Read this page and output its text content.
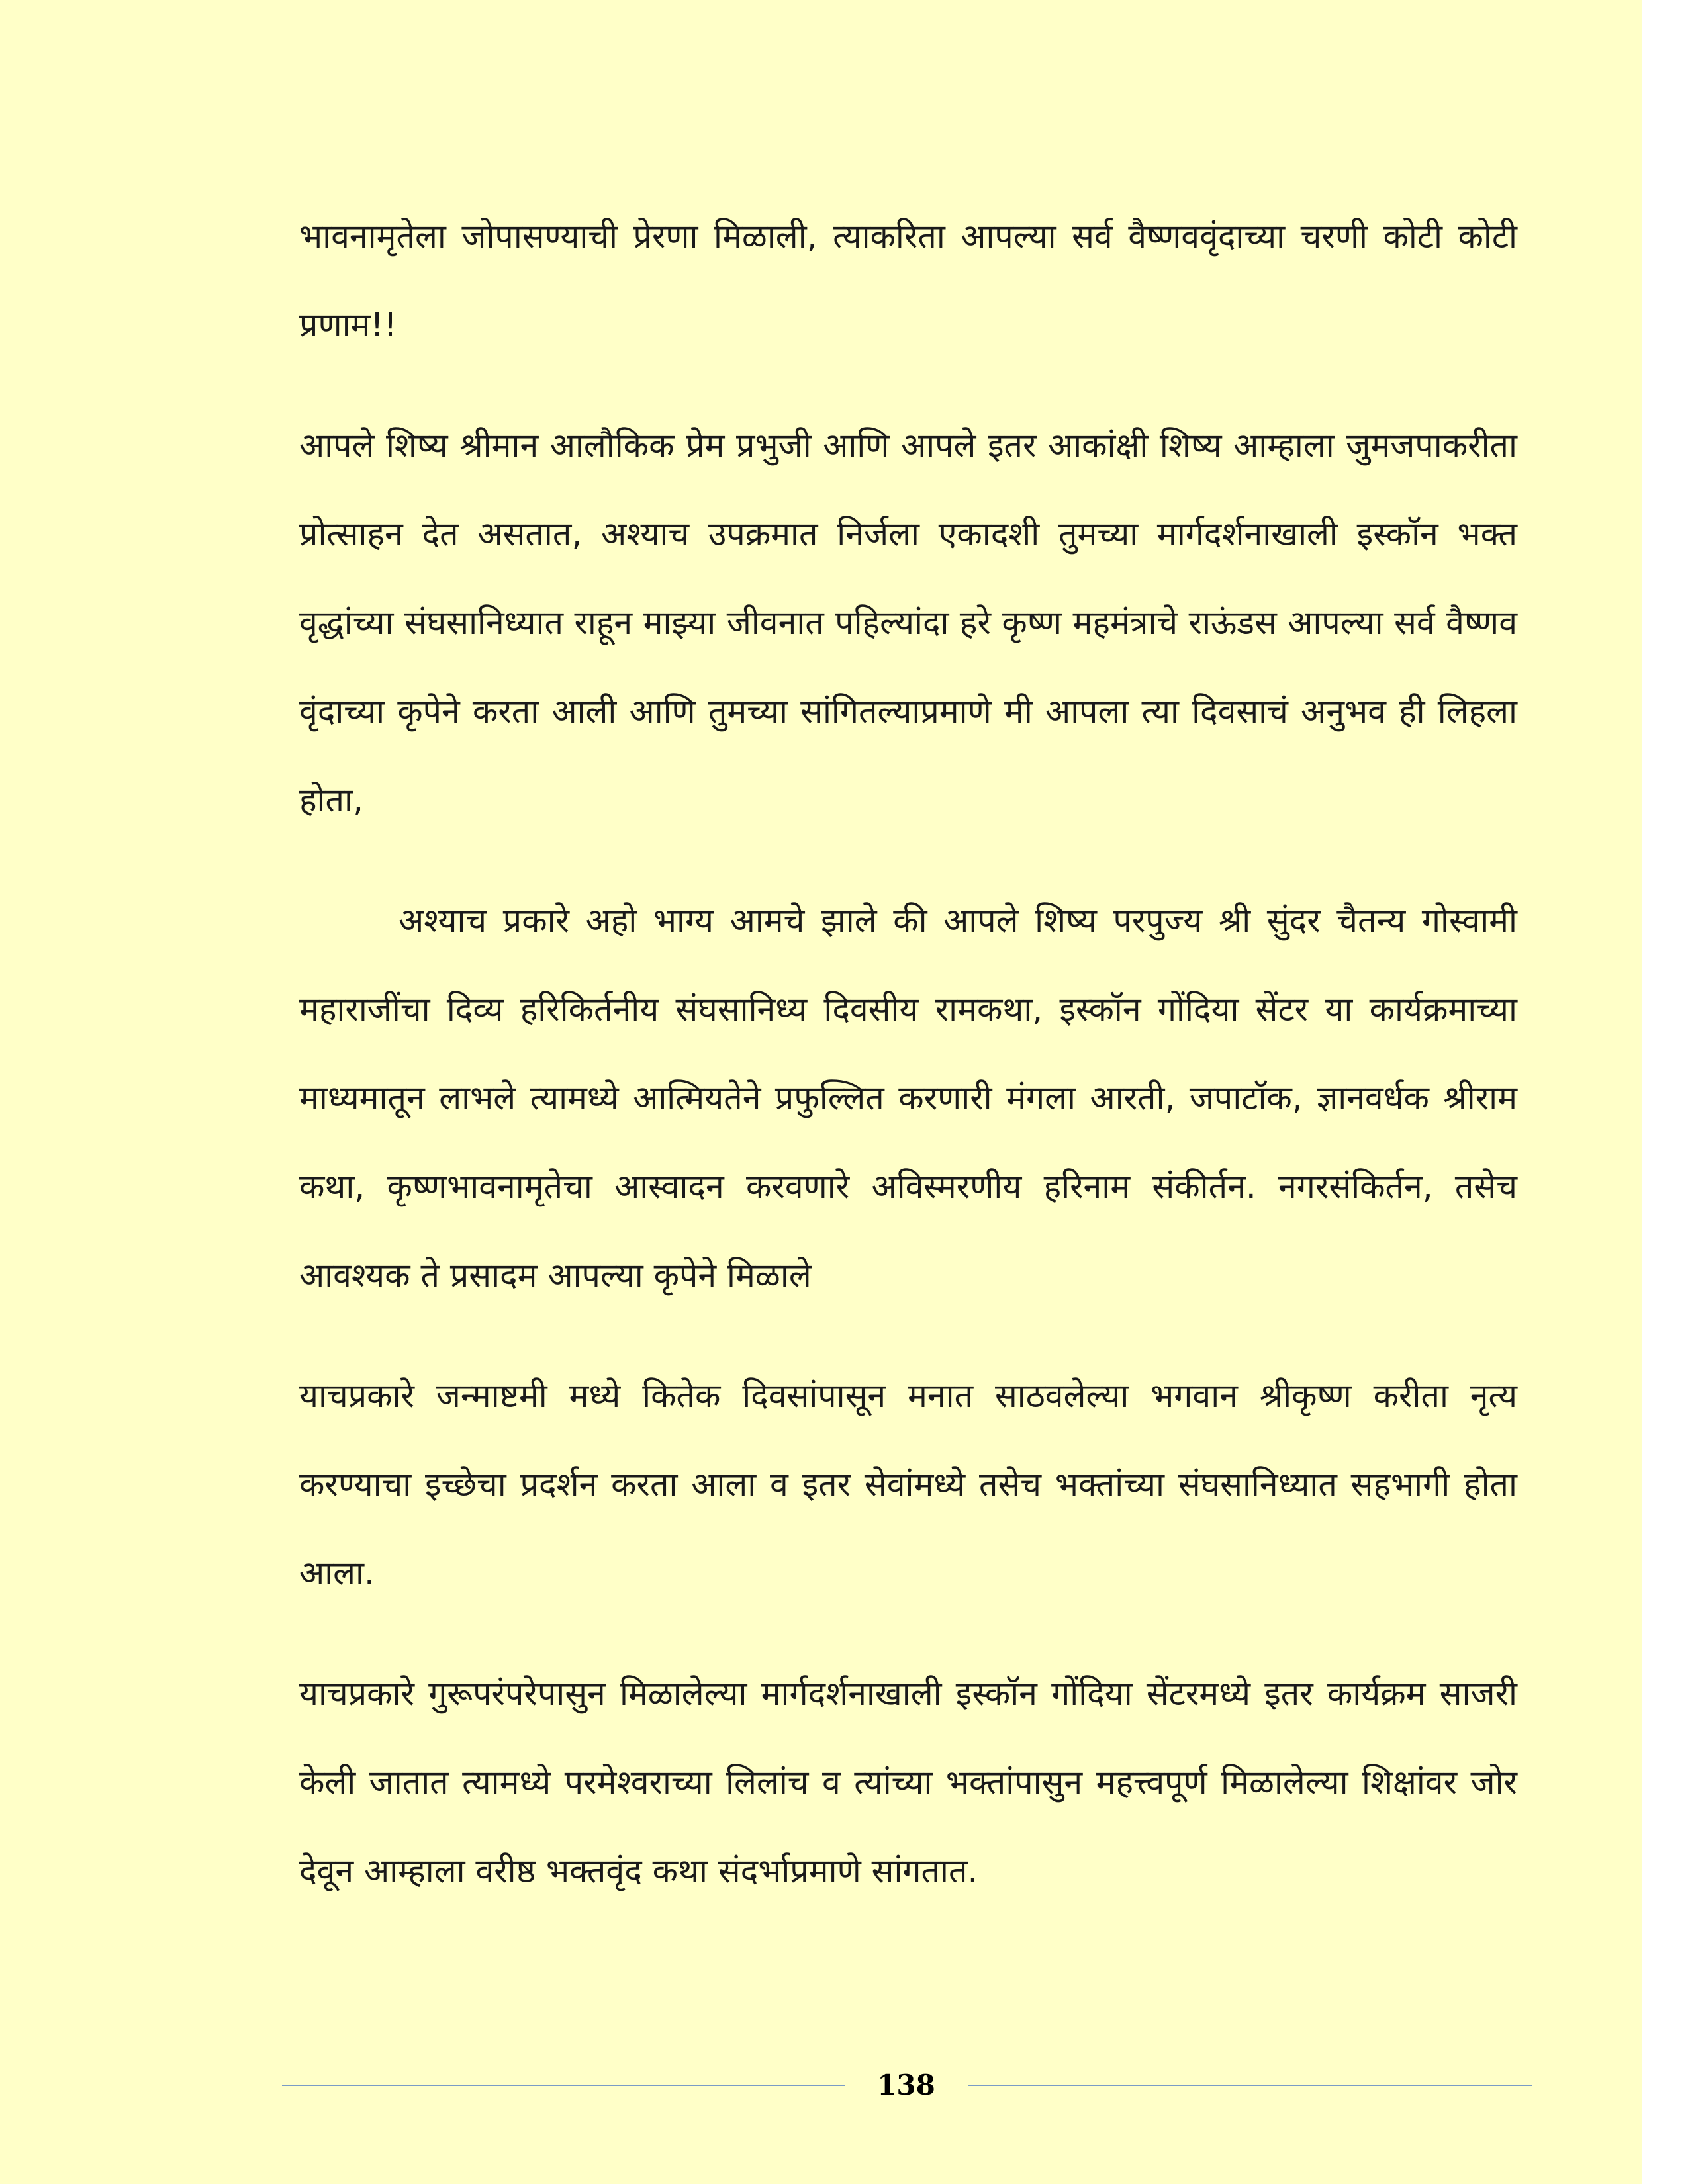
भावनामृतेला जोपासण्याची प्रेरणा मिळाली, त्याकरिता आपल्या सर्व वैष्णववृंदाच्या चरणी कोटी कोटी प्रणाम!!

आपले शिष्य श्रीमान आलौकिक प्रेम प्रभुजी आणि आपले इतर आकांक्षी शिष्य आम्हाला जुमजपाकरीता प्रोत्साहन देत असतात, अश्याच उपक्रमात निर्जला एकादशी तुमच्या मार्गदर्शनाखाली इस्कॉन भक्त वृद्धांच्या संघसानिध्यात राहून माझ्या जीवनात पहिल्यांदा हरे कृष्ण महमंत्राचे राऊंडस आपल्या सर्व वैष्णव वृंदाच्या कृपेने करता आली आणि तुमच्या सांगितल्याप्रमाणे मी आपला त्या दिवसाचं अनुभव ही लिहला होता,

अश्याच प्रकारे अहो भाग्य आमचे झाले की आपले शिष्य परपुज्य श्री सुंदर चैतन्य गोस्वामी महाराजींचा दिव्य हरिकिर्तनीय संघसानिध्य दिवसीय रामकथा, इस्कॉन गोंदिया सेंटर या कार्यक्रमाच्या माध्यमातून लाभले त्यामध्ये आत्मियतेने प्रफुल्लित करणारी मंगला आरती, जपाटॉक, ज्ञानवर्धक श्रीराम कथा, कृष्णभावनामृतेचा आस्वादन करवणारे अविस्मरणीय हरिनाम संकीर्तन. नगरसंकिर्तन, तसेच आवश्यक ते प्रसादम आपल्या कृपेने मिळाले

याचप्रकारे जन्माष्टमी मध्ये कितेक दिवसांपासून मनात साठवलेल्या भगवान श्रीकृष्ण करीता नृत्य करण्याचा इच्छेचा प्रदर्शन करता आला व इतर सेवांमध्ये तसेच भक्तांच्या संघसानिध्यात सहभागी होता आला.

याचप्रकारे गुरूपरंपरेपासुन मिळालेल्या मार्गदर्शनाखाली इस्कॉन गोंदिया सेंटरमध्ये इतर कार्यक्रम साजरी केली जातात त्यामध्ये परमेश्वराच्या लिलांच व त्यांच्या भक्तांपासुन महत्त्वपूर्ण मिळालेल्या शिक्षांवर जोर देवून आम्हाला वरीष्ठ भक्तवृंद कथा संदर्भाप्रमाणे सांगतात.

138
